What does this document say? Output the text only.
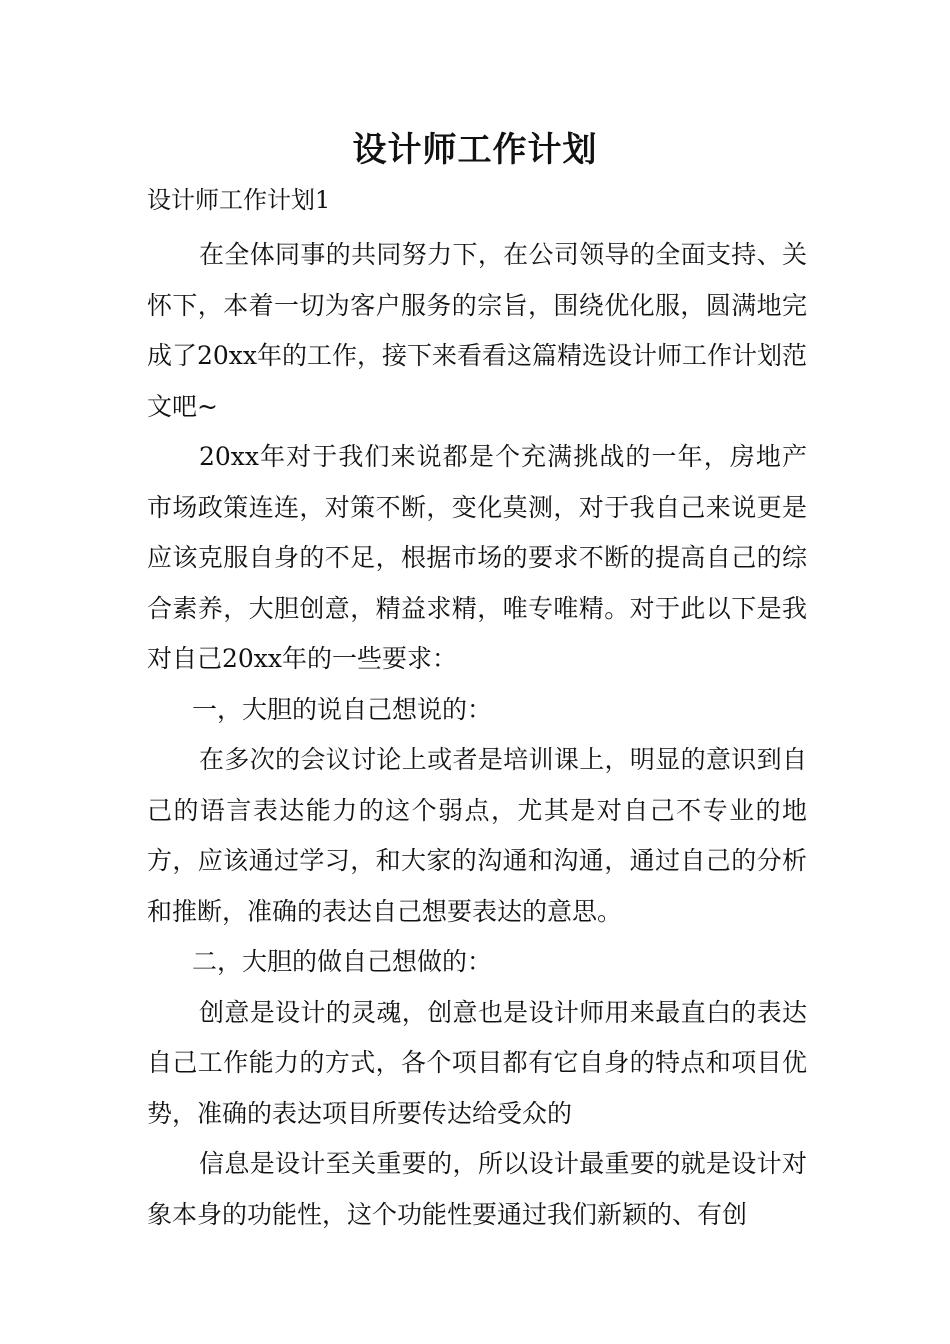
设计师工作计划

设计师工作计划1

在全体同事的共同努力下，在公司领导的全面支持、关怀下，本着一切为客户服务的宗旨，围绕优化服，圆满地完成了20xx年的工作，接下来看看这篇精选设计师工作计划范文吧~

20xx年对于我们来说都是个充满挑战的一年，房地产市场政策连连，对策不断，变化莫测，对于我自己来说更是应该克服自身的不足，根据市场的要求不断的提高自己的综合素养，大胆创意，精益求精，唯专唯精。对于此以下是我对自己20xx年的一些要求：

一，大胆的说自己想说的：

在多次的会议讨论上或者是培训课上，明显的意识到自己的语言表达能力的这个弱点，尤其是对自己不专业的地方，应该通过学习，和大家的沟通和沟通，通过自己的分析和推断，准确的表达自己想要表达的意思。

二，大胆的做自己想做的：

创意是设计的灵魂，创意也是设计师用来最直白的表达自己工作能力的方式，各个项目都有它自身的特点和项目优势，准确的表达项目所要传达给受众的

信息是设计至关重要的，所以设计最重要的就是设计对象本身的功能性，这个功能性要通过我们新颖的、有创
